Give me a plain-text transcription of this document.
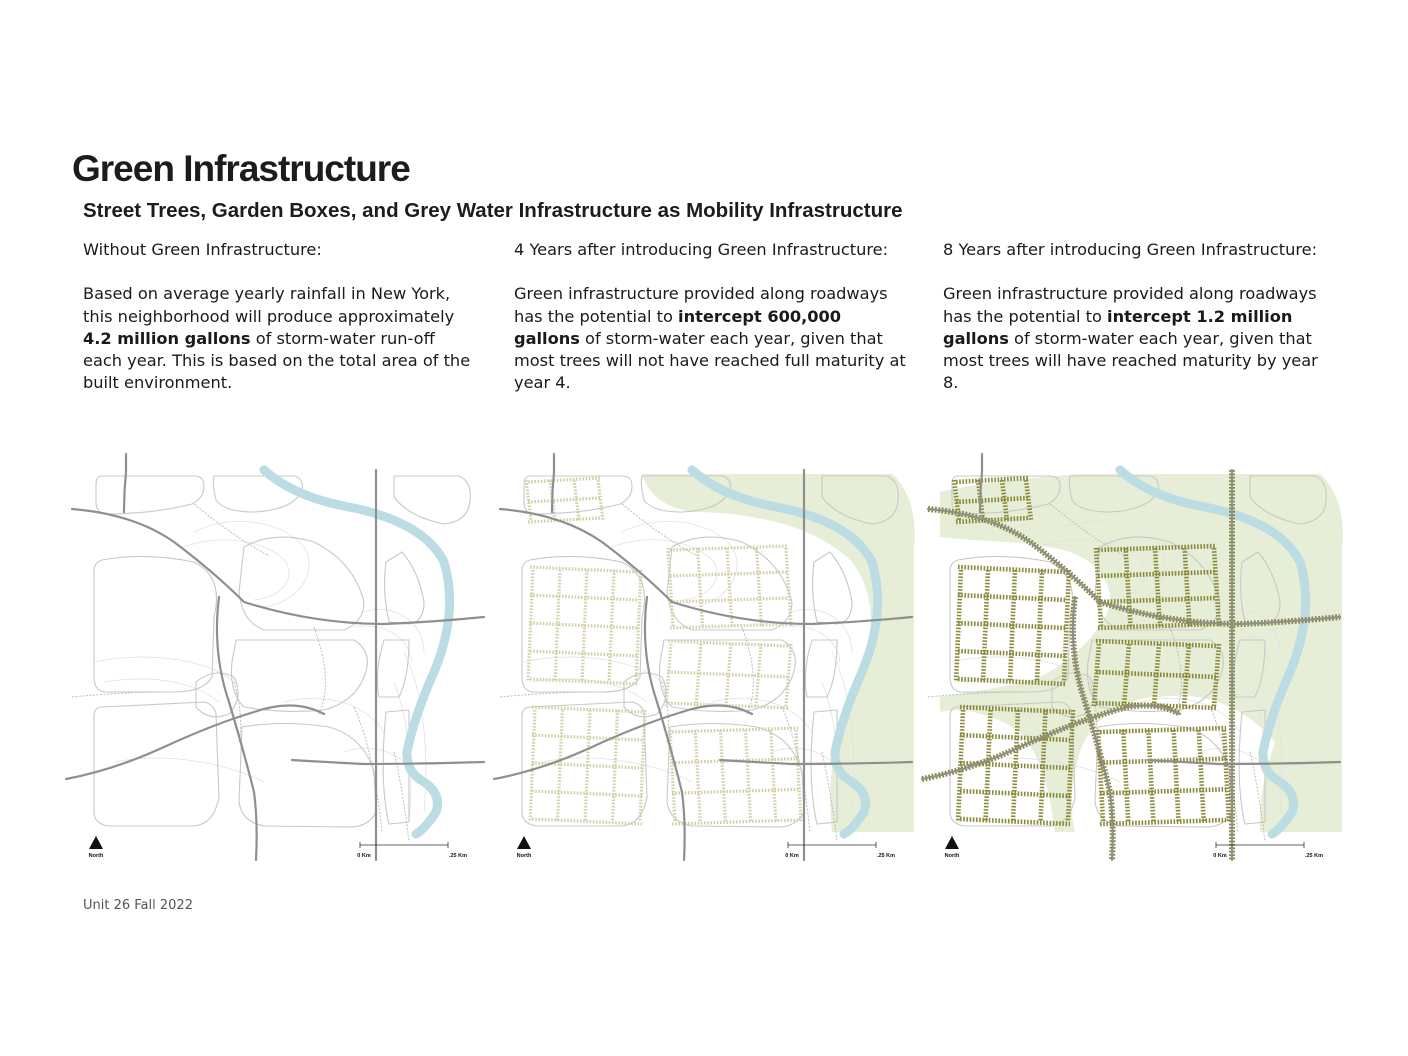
Green Infrastructure
Street Trees, Garden Boxes, and Grey Water Infrastructure as Mobility Infrastructure

Without Green Infrastructure:

Based on average yearly rainfall in New York, this neighborhood will produce approximately 4.2 million gallons of storm-water run-off each year. This is based on the total area of the built environment.

4 Years after introducing Green Infrastructure:

Green infrastructure provided along roadways has the potential to intercept 600,000 gallons of storm-water each year, given that most trees will not have reached full maturity at year 4.

8 Years after introducing Green Infrastructure:

Green infrastructure provided along roadways has the potential to intercept 1.2 million gallons of storm-water each year, given that most trees will have reached maturity by year 8.

North	0 Km	.25 Km	North	0 Km	.25 Km	North	0 Km	.25 Km
Unit 26 Fall 2022
